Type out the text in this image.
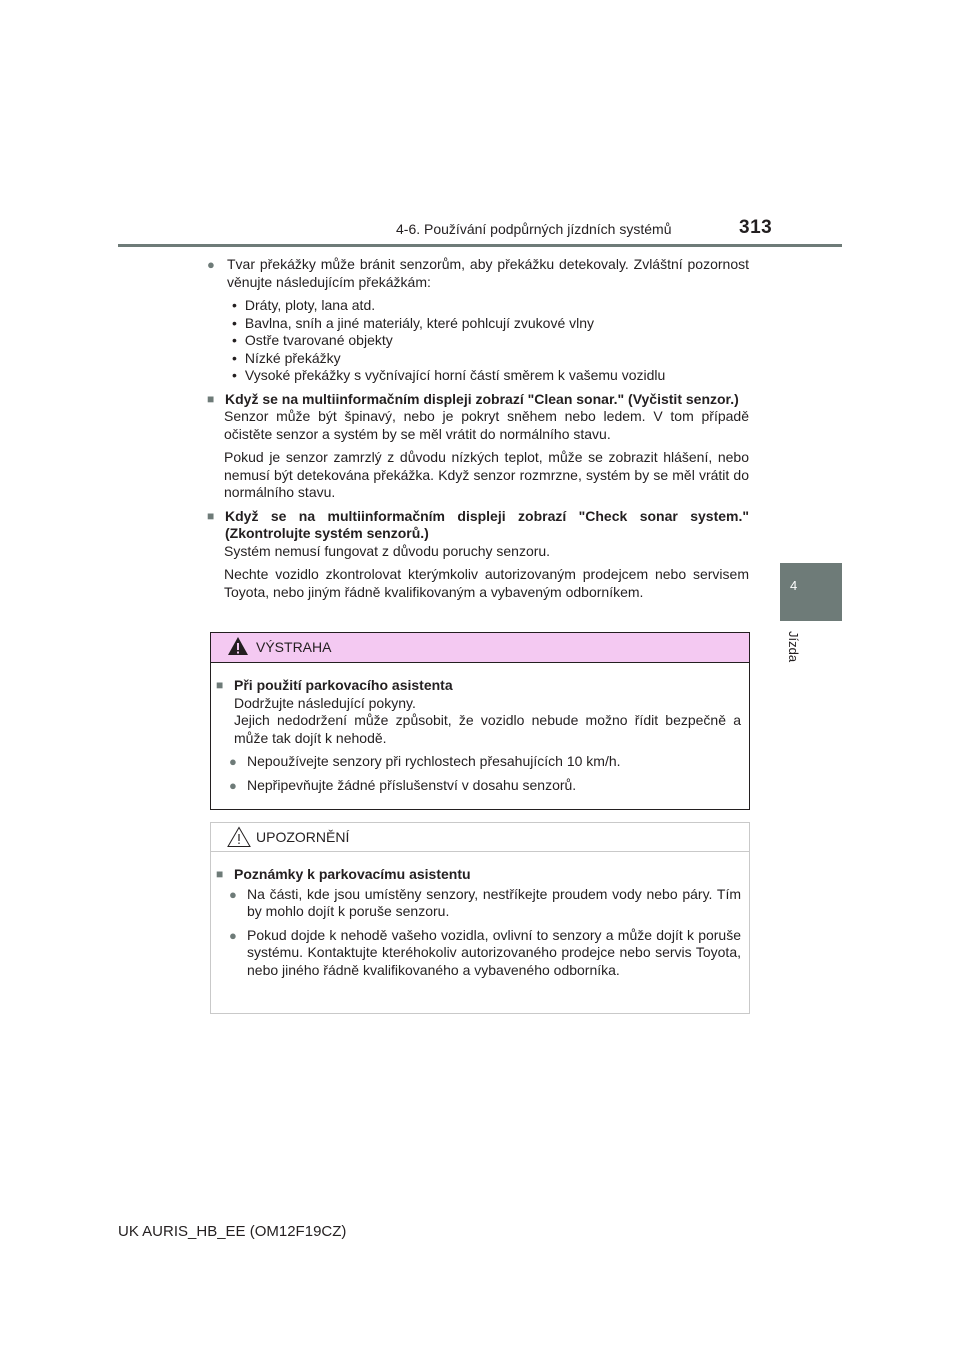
4-6. Používání podpůrných jízdních systémů	313
4
Jízda
● Tvar překážky může bránit senzorům, aby překážku detekovaly. Zvláštní pozornost věnujte následujícím překážkám:

• Dráty, ploty, lana atd.
• Bavlna, sníh a jiné materiály, které pohlcují zvukové vlny
• Ostře tvarované objekty
• Nízké překážky
• Vysoké překážky s vyčnívající horní částí směrem k vašemu vozidlu
■ Když se na multiinformačním displeji zobrazí "Clean sonar." (Vyčistit senzor.)

Senzor může být špinavý, nebo je pokryt sněhem nebo ledem. V tom případě očistěte senzor a systém by se měl vrátit do normálního stavu.

Pokud je senzor zamrzlý z důvodu nízkých teplot, může se zobrazit hlášení, nebo nemusí být detekována překážka. Když senzor rozmrzne, systém by se měl vrátit do normálního stavu.

■ Když se na multiinformačním displeji zobrazí "Check sonar system." (Zkontrolujte systém senzorů.)

Systém nemusí fungovat z důvodu poruchy senzoru.

Nechte vozidlo zkontrolovat kterýmkoliv autorizovaným prodejcem nebo servisem Toyota, nebo jiným řádně kvalifikovaným a vybaveným odborníkem.

VÝSTRAHA
■ Při použití parkovacího asistenta
Dodržujte následující pokyny.
Jejich nedodržení může způsobit, že vozidlo nebude možno řídit bezpečně a může tak dojít k nehodě.
● Nepoužívejte senzory při rychlostech přesahujících 10 km/h.
● Nepřipevňujte žádné příslušenství v dosahu senzorů.
UPOZORNĚNÍ
■ Poznámky k parkovacímu asistentu
● Na části, kde jsou umístěny senzory, nestříkejte proudem vody nebo páry. Tím by mohlo dojít k poruše senzoru.
● Pokud dojde k nehodě vašeho vozidla, ovlivní to senzory a může dojít k poruše systému. Kontaktujte kteréhokoliv autorizovaného prodejce nebo servis Toyota, nebo jiného řádně kvalifikovaného a vybaveného odborníka.
UK AURIS_HB_EE (OM12F19CZ)
